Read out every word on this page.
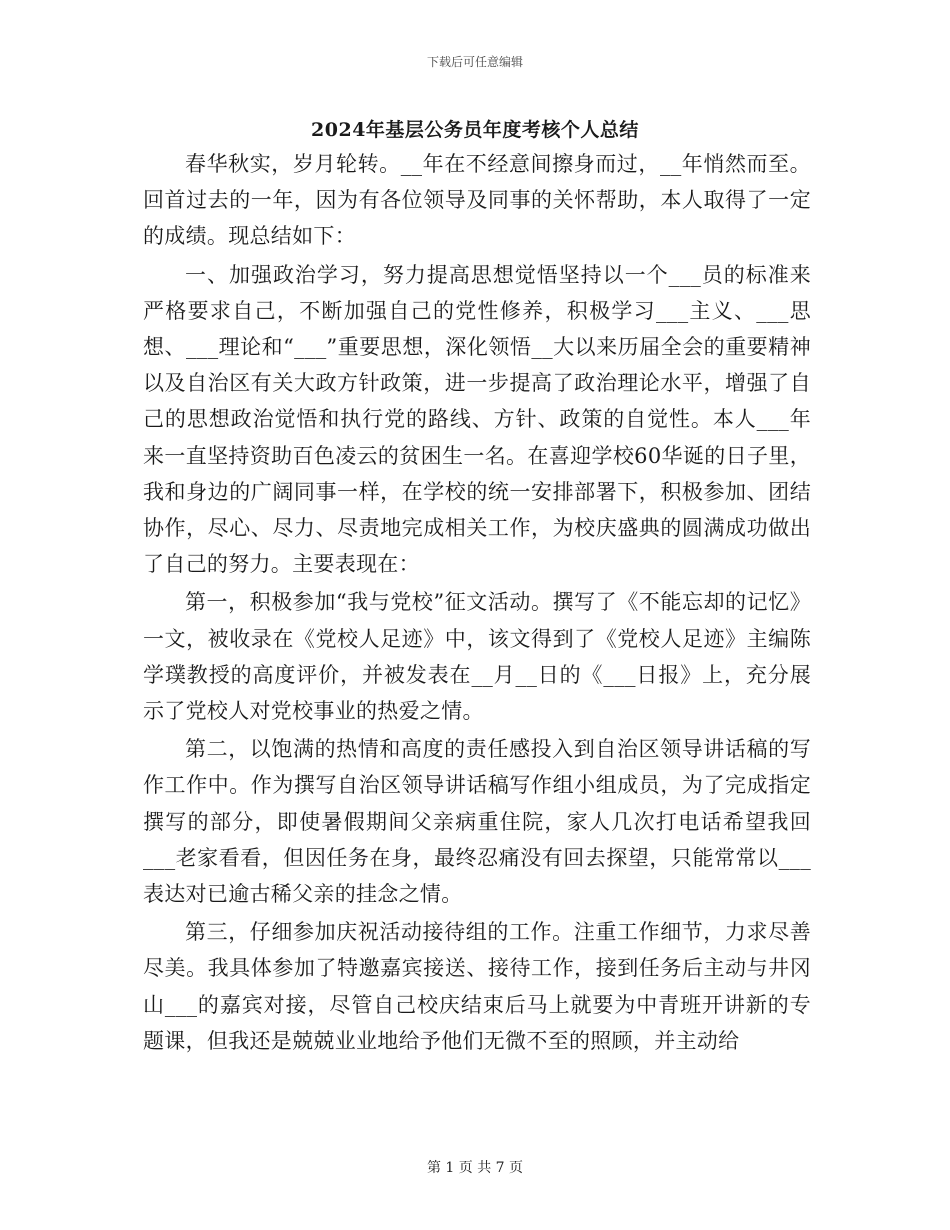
下载后可任意编辑
2024年基层公务员年度考核个人总结

春华秋实，岁月轮转。__年在不经意间擦身而过，__年悄然而至。回首过去的一年，因为有各位领导及同事的关怀帮助，本人取得了一定的成绩。现总结如下：

一、加强政治学习，努力提高思想觉悟坚持以一个___员的标准来严格要求自己，不断加强自己的党性修养，积极学习___主义、___思想、___理论和“___”重要思想，深化领悟__大以来历届全会的重要精神以及自治区有关大政方针政策，进一步提高了政治理论水平，增强了自己的思想政治觉悟和执行党的路线、方针、政策的自觉性。本人___年来一直坚持资助百色凌云的贫困生一名。在喜迎学校60华诞的日子里，我和身边的广阔同事一样，在学校的统一安排部署下，积极参加、团结协作，尽心、尽力、尽责地完成相关工作，为校庆盛典的圆满成功做出了自己的努力。主要表现在：

第一，积极参加“我与党校”征文活动。撰写了《不能忘却的记忆》一文，被收录在《党校人足迹》中，该文得到了《党校人足迹》主编陈学璞教授的高度评价，并被发表在__月__日的《___日报》上，充分展示了党校人对党校事业的热爱之情。

第二，以饱满的热情和高度的责任感投入到自治区领导讲话稿的写作工作中。作为撰写自治区领导讲话稿写作组小组成员，为了完成指定撰写的部分，即使暑假期间父亲病重住院，家人几次打电话希望我回___老家看看，但因任务在身，最终忍痛没有回去探望，只能常常以___表达对已逾古稀父亲的挂念之情。

第三，仔细参加庆祝活动接待组的工作。注重工作细节，力求尽善尽美。我具体参加了特邀嘉宾接送、接待工作，接到任务后主动与井冈山___的嘉宾对接，尽管自己校庆结束后马上就要为中青班开讲新的专题课，但我还是兢兢业业地给予他们无微不至的照顾，并主动给

第 1 页 共 7 页
